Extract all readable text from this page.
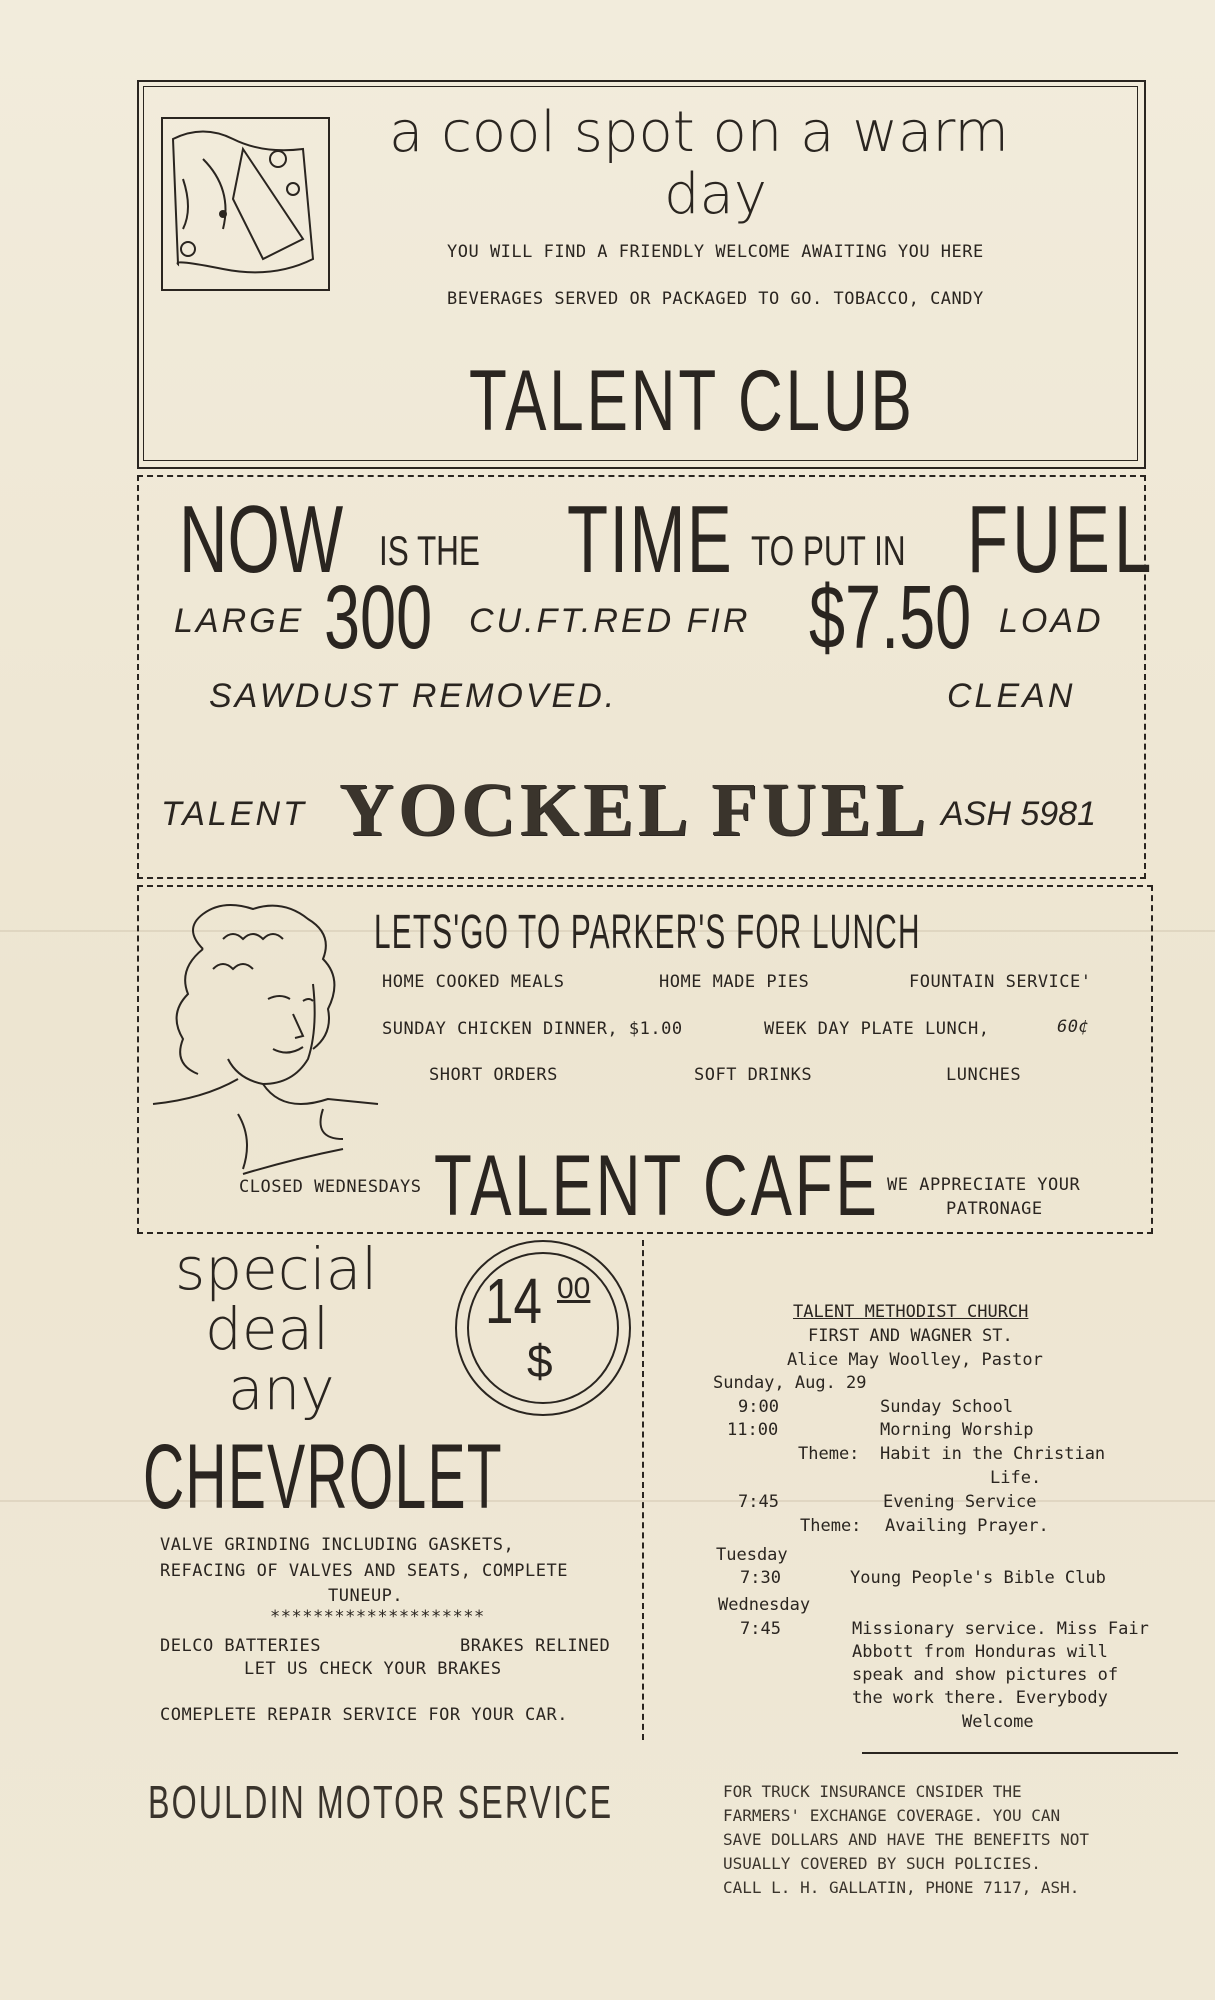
a cool spot on a warm
day
YOU WILL FIND A FRIENDLY WELCOME AWAITING YOU HERE
BEVERAGES SERVED OR PACKAGED TO GO. TOBACCO, CANDY
TALENT CLUB
NOW IS THE TIME TO PUT IN FUEL
LARGE 300 CU.FT.RED FIR $7.50 LOAD
SAWDUST REMOVED.	CLEAN
TALENT YOCKEL FUEL ASH 5981
LETS'GO TO PARKER'S FOR LUNCH
HOME COOKED MEALS	HOME MADE PIES	FOUNTAIN SERVICE'
SUNDAY CHICKEN DINNER, $1.00	WEEK DAY PLATE LUNCH,	60¢
SHORT ORDERS	SOFT DRINKS	LUNCHES
CLOSED WEDNESDAYS TALENT CAFE WE APPRECIATE YOUR
PATRONAGE
special
deal
any
14 00
$
CHEVROLET
VALVE GRINDING INCLUDING GASKETS,
REFACING OF VALVES AND SEATS, COMPLETE
TUNEUP.
********************
DELCO BATTERIES	BRAKES RELINED
LET US CHECK YOUR BRAKES
COMEPLETE REPAIR SERVICE FOR YOUR CAR.
BOULDIN MOTOR SERVICE
TALENT METHODIST CHURCH
FIRST AND WAGNER ST.
Alice May Woolley, Pastor
Sunday, Aug. 29
9:00	Sunday School
11:00	Morning Worship
Theme: Habit in the Christian
Life.
7:45	Evening Service
Theme: Availing Prayer.
Tuesday
7:30	Young People's Bible Club
Wednesday
7:45	Missionary service. Miss Fair
Abbott from Honduras will
speak and show pictures of
the work there. Everybody
Welcome
FOR TRUCK INSURANCE CNSIDER THE
FARMERS' EXCHANGE COVERAGE. YOU CAN
SAVE DOLLARS AND HAVE THE BENEFITS NOT
USUALLY COVERED BY SUCH POLICIES.
CALL L. H. GALLATIN, PHONE 7117, ASH.
